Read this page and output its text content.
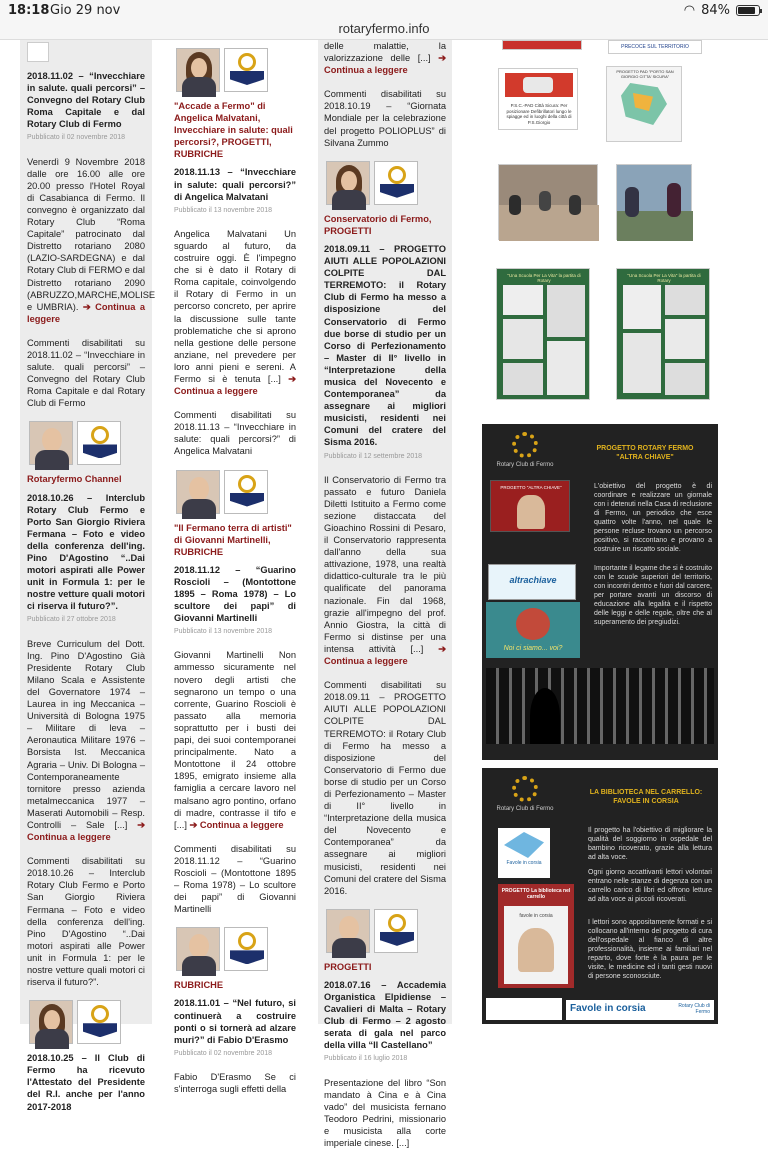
18:18 Gio 29 nov	◠ 84%
rotaryfermo.info
2018.11.02 – “Invecchiare in salute. quali percorsi” – Convegno del Rotary Club Roma Capitale e dal Rotary Club di Fermo
Pubblicato il 02 novembre 2018
Venerdì 9 Novembre 2018 dalle ore 16.00 alle ore 20.00 presso l'Hotel Royal di Casabianca di Fermo. Il convegno è organizzato dal Rotary Club “Roma Capitale” patrocinato dal Distretto rotariano 2080 (LAZIO-SARDEGNA) e dal Rotary Club di FERMO e dal Distretto rotariano 2090 (ABRUZZO,MARCHE,MOLISE e UMBRIA). ➔ Continua a leggere
Commenti disabilitati su 2018.11.02 – “Invecchiare in salute. quali percorsi” – Convegno del Rotary Club Roma Capitale e dal Rotary Club di Fermo
Rotaryfermo Channel
2018.10.26 – Interclub Rotary Club Fermo e Porto San Giorgio Riviera Fermana – Foto e video della conferenza dell'ing. Pino D'Agostino “..Dai motori aspirati alle Power unit in Formula 1: per le nostre vetture quali motori ci riserva il futuro?”.
Pubblicato il 27 ottobre 2018
Breve Curriculum del Dott. Ing. Pino D'Agostino Già Presidente Rotary Club Milano Scala e Assistente del Governatore 1974 – Laurea in ing Meccanica – Università di Bologna 1975 – Militare di leva – Aeronautica Militare 1976 – Borsista Ist. Meccanica Agraria – Univ. Di Bologna – Contemporaneamente tornitore presso azienda metalmeccanica 1977 – Maserati Automobili – Resp. Controlli – Sale [...] ➔ Continua a leggere
Commenti disabilitati su 2018.10.26 – Interclub Rotary Club Fermo e Porto San Giorgio Riviera Fermana – Foto e video della conferenza dell'ing. Pino D'Agostino “..Dai motori aspirati alle Power unit in Formula 1: per le nostre vetture quali motori ci riserva il futuro?”.
2018.10.25 – Il Club di Fermo ha ricevuto l'Attestato del Presidente del R.I. anche per l'anno 2017-2018
"Accade a Fermo" di Angelica Malvatani, Invecchiare in salute: quali percorsi?, PROGETTI, RUBRICHE
2018.11.13 – “Invecchiare in salute: quali percorsi?” di Angelica Malvatani
Pubblicato il 13 novembre 2018
Angelica Malvatani Un sguardo al futuro, da costruire oggi. È l'impegno che si è dato il Rotary di Roma capitale, coinvolgendo il Rotary di Fermo in un percorso concreto, per aprire la discussione sulle tante problematiche che si aprono nella gestione delle persone anziane, nel prevedere per loro anni pieni e sereni. A Fermo si è tenuta [...] ➔ Continua a leggere
Commenti disabilitati su 2018.11.13 – “Invecchiare in salute: quali percorsi?” di Angelica Malvatani
"Il Fermano terra di artisti" di Giovanni Martinelli, RUBRICHE
2018.11.12 – “Guarino Roscioli – (Montottone 1895 – Roma 1978) – Lo scultore dei papi” di Giovanni Martinelli
Pubblicato il 13 novembre 2018
Giovanni Martinelli Non ammesso sicuramente nel novero degli artisti che segnarono un tempo o una corrente, Guarino Roscioli è passato alla memoria soprattutto per i busti dei papi, dei suoi contemporanei principalmente. Nato a Montottone il 24 ottobre 1895, emigrato insieme alla famiglia a cercare lavoro nel malsano agro pontino, orfano di madre, contrasse il tifo e [...] ➔ Continua a leggere
Commenti disabilitati su 2018.11.12 – “Guarino Roscioli – (Montottone 1895 – Roma 1978) – Lo scultore dei papi” di Giovanni Martinelli
RUBRICHE
2018.11.01 – “Nel futuro, si continuerà a costruire ponti o si tornerà ad alzare muri?” di Fabio D'Erasmo
Pubblicato il 02 novembre 2018
Fabio D'Erasmo Se ci s'interroga sugli effetti della
delle malattie, la valorizzazione delle [...] ➔ Continua a leggere
Commenti disabilitati su 2018.10.19 – “Giornata Mondiale per la celebrazione del progetto POLIOPLUS” di Silvana Zummo
Conservatorio di Fermo, PROGETTI
2018.09.11 – PROGETTO AIUTI ALLE POPOLAZIONI COLPITE DAL TERREMOTO: il Rotary Club di Fermo ha messo a disposizione del Conservatorio di Fermo due borse di studio per un Corso di Perfezionamento – Master di II° livello in “Interpretazione della musica del Novecento e Contemporanea” da assegnare ai migliori musicisti, residenti nei Comuni del cratere del Sisma 2016.
Pubblicato il 12 settembre 2018
Il Conservatorio di Fermo tra passato e futuro Daniela Diletti Istituito a Fermo come sezione distaccata del Gioachino Rossini di Pesaro, il Conservatorio rappresenta dall'anno della sua attivazione, 1978, una realtà didattico-culturale tra le più qualificate del panorama nazionale. Fin dal 1968, grazie all'impegno del prof. Annio Giostra, la città di Fermo si distinse per una intensa attività [...] ➔ Continua a leggere
Commenti disabilitati su 2018.09.11 – PROGETTO AIUTI ALLE POPOLAZIONI COLPITE DAL TERREMOTO: il Rotary Club di Fermo ha messo a disposizione del Conservatorio di Fermo due borse di studio per un Corso di Perfezionamento – Master di II° livello in “Interpretazione della musica del Novecento e Contemporanea” da assegnare ai migliori musicisti, residenti nei Comuni del cratere del Sisma 2016.
PROGETTI
2018.07.16 – Accademia Organistica Elpidiense – Cavalieri di Malta – Rotary Club di Fermo – 2 agosto serata di gala nel parco della villa “Il Castellano”
Pubblicato il 16 luglio 2018
Presentazione del libro “Son mandato à Cina e à Cina vado” del musicista fernano Teodoro Pedrini, missionario e musicista alla corte imperiale cinese. [...]
PRECOCE SUL TERRITORIO
P.S.C.-PAD Città Sicura: Per posizionare Defibrillatori lungo le spiagge ed in luoghi della città di P.S.Giorgio
PROGETTO PAD "PORTO SAN GIORGIO CITTA' SICURA"
"Una Scuola Per La Vita" la partita di Rotary
"Una Scuola Per La Vita" la partita di Rotary
Rotary Club di Fermo
PROGETTO ROTARY FERMO "ALTRA CHIAVE"
PROGETTO "ALTRA CHIAVE"
altrachiave
Noi ci siamo... voi?
L'obiettivo del progetto è di coordinare e realizzare un giornale con i detenuti nella Casa di reclusione di Fermo, un periodico che esce quattro volte l'anno, nel quale le persone recluse trovano un percorso positivo, si raccontano e provano a costruire un riscatto sociale.
Importante il legame che si è costruito con le scuole superiori del territorio, con incontri dentro e fuori dal carcere, per portare avanti un discorso di educazione alla legalità e il rispetto delle leggi e delle regole, oltre che al superamento dei pregiudizi.
Rotary Club di Fermo
LA BIBLIOTECA NEL CARRELLO: FAVOLE IN CORSIA
Favole in corsia
PROGETTO La biblioteca nel carrello
favole in corsia
Il progetto ha l'obiettivo di migliorare la qualità del soggiorno in ospedale del bambino ricoverato, grazie alla lettura ad alta voce.
Ogni giorno accattivanti lettori volontari entrano nelle stanze di degenza con un carrello carico di libri ed offrono letture ad alta voce ai piccoli ricoverati.
I lettori sono appositamente formati e si collocano all'interno del progetto di cura dell'ospedale al fianco di altre professionalità, insieme ai familiari nel reparto, dove forte è la paura per le visite, le medicine ed i tanti gesti nuovi di persone sconosciute.
Favole in corsia	Rotary Club di Fermo
